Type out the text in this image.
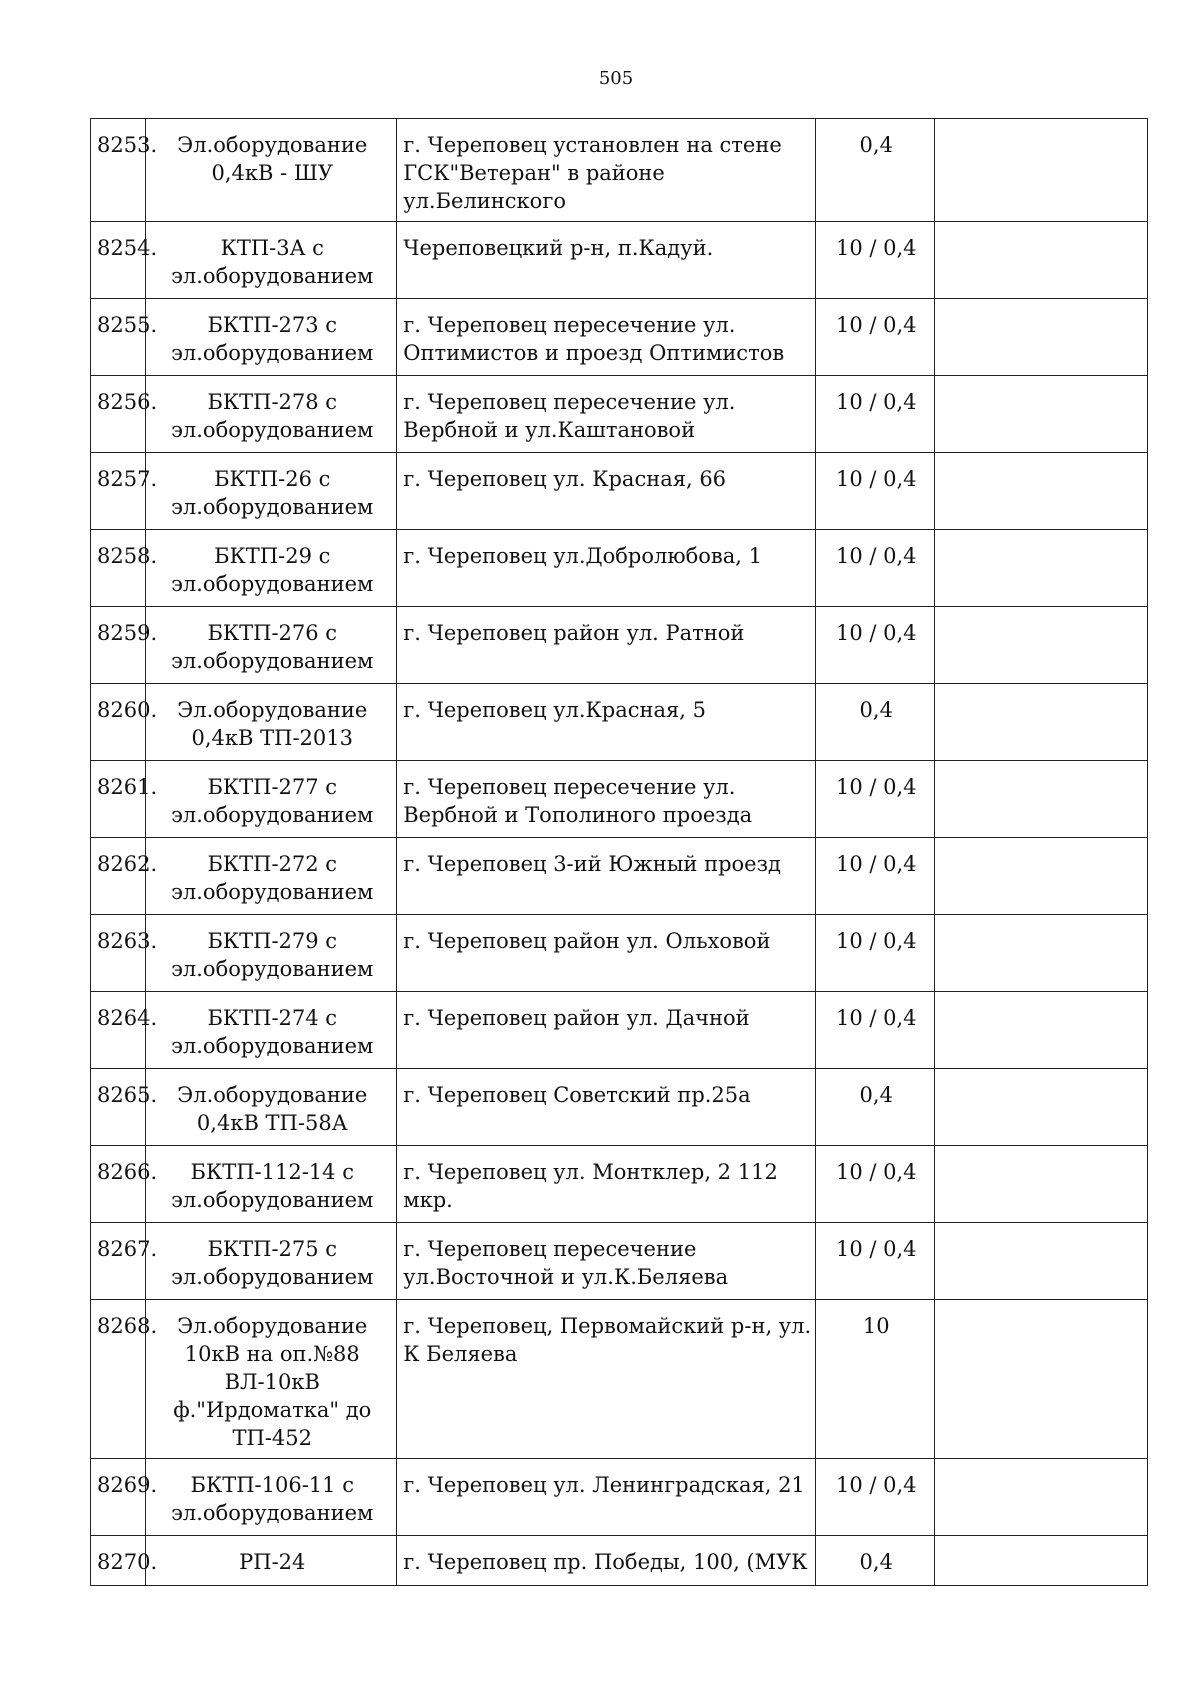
505
8253.	Эл.оборудование 0,4кВ - ШУ	г. Череповец установлен на стене ГСК"Ветеран" в районе ул.Белинского	0,4	
8254.	КТП-3А с эл.оборудованием	Череповецкий р-н, п.Кадуй.	10 / 0,4	
8255.	БКТП-273 с эл.оборудованием	г. Череповец пересечение ул. Оптимистов и проезд Оптимистов	10 / 0,4	
8256.	БКТП-278 с эл.оборудованием	г. Череповец пересечение ул. Вербной и ул.Каштановой	10 / 0,4	
8257.	БКТП-26 с эл.оборудованием	г. Череповец ул. Красная, 66	10 / 0,4	
8258.	БКТП-29 с эл.оборудованием	г. Череповец ул.Добролюбова, 1	10 / 0,4	
8259.	БКТП-276 с эл.оборудованием	г. Череповец район ул. Ратной	10 / 0,4	
8260.	Эл.оборудование 0,4кВ ТП-2013	г. Череповец ул.Красная, 5	0,4	
8261.	БКТП-277 с эл.оборудованием	г. Череповец пересечение ул. Вербной и Тополиного проезда	10 / 0,4	
8262.	БКТП-272 с эл.оборудованием	г. Череповец 3-ий Южный проезд	10 / 0,4	
8263.	БКТП-279 с эл.оборудованием	г. Череповец район ул. Ольховой	10 / 0,4	
8264.	БКТП-274 с эл.оборудованием	г. Череповец район ул. Дачной	10 / 0,4	
8265.	Эл.оборудование 0,4кВ ТП-58А	г. Череповец Советский пр.25а	0,4	
8266.	БКТП-112-14 с эл.оборудованием	г. Череповец ул. Монтклер, 2 112 мкр.	10 / 0,4	
8267.	БКТП-275 с эл.оборудованием	г. Череповец пересечение ул.Восточной и ул.К.Беляева	10 / 0,4	
8268.	Эл.оборудование 10кВ на оп.№88 ВЛ-10кВ ф."Ирдоматка" до ТП-452	г. Череповец, Первомайский р-н, ул. К Беляева	10	
8269.	БКТП-106-11 с эл.оборудованием	г. Череповец ул. Ленинградская, 21	10 / 0,4	
8270.	РП-24	г. Череповец пр. Победы, 100, (МУК	0,4	
